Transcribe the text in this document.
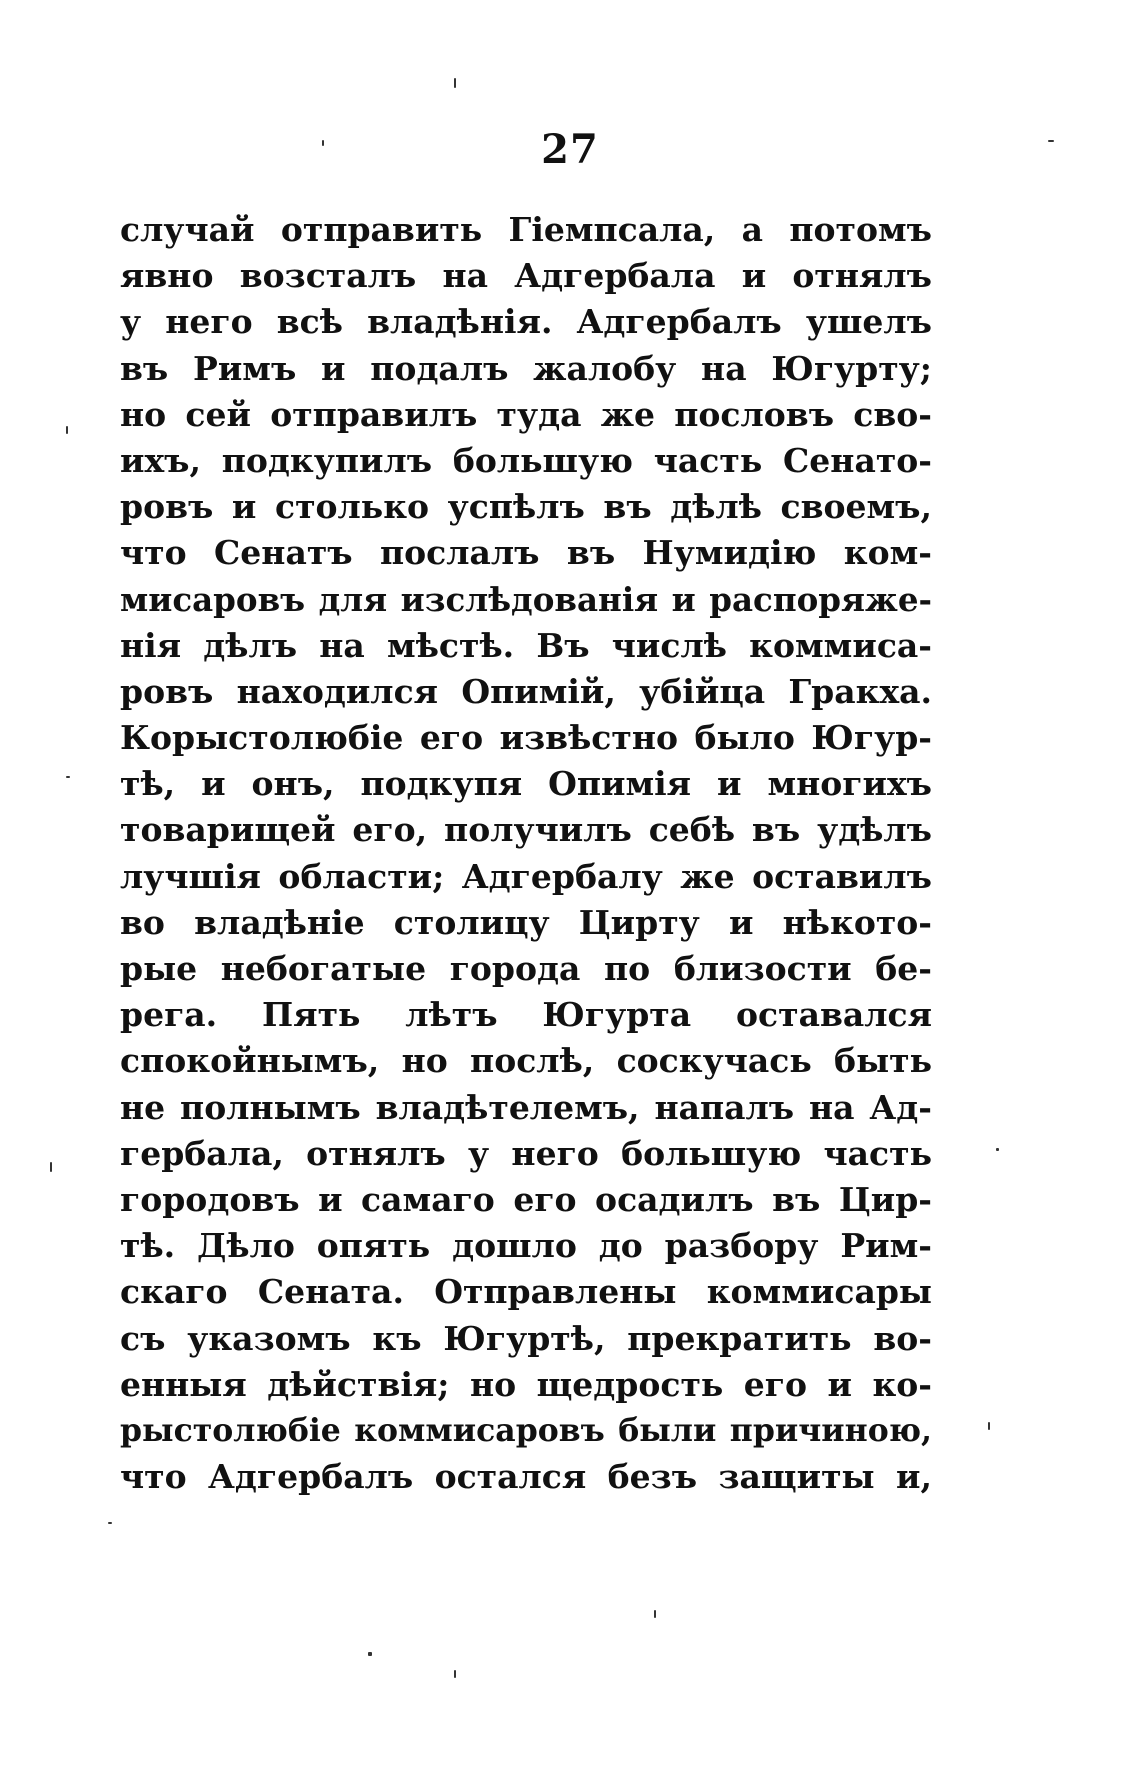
27
случай отправить Гіемпсала, а потомъ
явно возсталъ на Адгербала и отнялъ
у него всѣ владѣнія. Адгербалъ ушелъ
въ Римъ и подалъ жалобу на Югурту;
но сей отправилъ туда же пословъ сво-
ихъ, подкупилъ большую часть Сенато-
ровъ и столько успѣлъ въ дѣлѣ своемъ,
что Сенатъ послалъ въ Нумидію ком-
мисаровъ для изслѣдованія и распоряже-
нія дѣлъ на мѣстѣ. Въ числѣ коммиса-
ровъ находился Опимій, убійца Гракха.
Корыстолюбіе его извѣстно было Югур-
тѣ, и онъ, подкупя Опимія и многихъ
товарищей его, получилъ себѣ въ удѣлъ
лучшія области; Адгербалу же оставилъ
во владѣніе столицу Цирту и нѣкото-
рые небогатые города по близости бе-
рега. Пять лѣтъ Югурта оставался
спокойнымъ, но послѣ, соскучась быть
не полнымъ владѣтелемъ, напалъ на Ад-
гербала, отнялъ у него большую часть
городовъ и самаго его осадилъ въ Цир-
тѣ. Дѣло опять дошло до разбору Рим-
скаго Сената. Отправлены коммисары
съ указомъ къ Югуртѣ, прекратить во-
енныя дѣйствія; но щедрость его и ко-
рыстолюбіе коммисаровъ были причиною,
что Адгербалъ остался безъ защиты и,
